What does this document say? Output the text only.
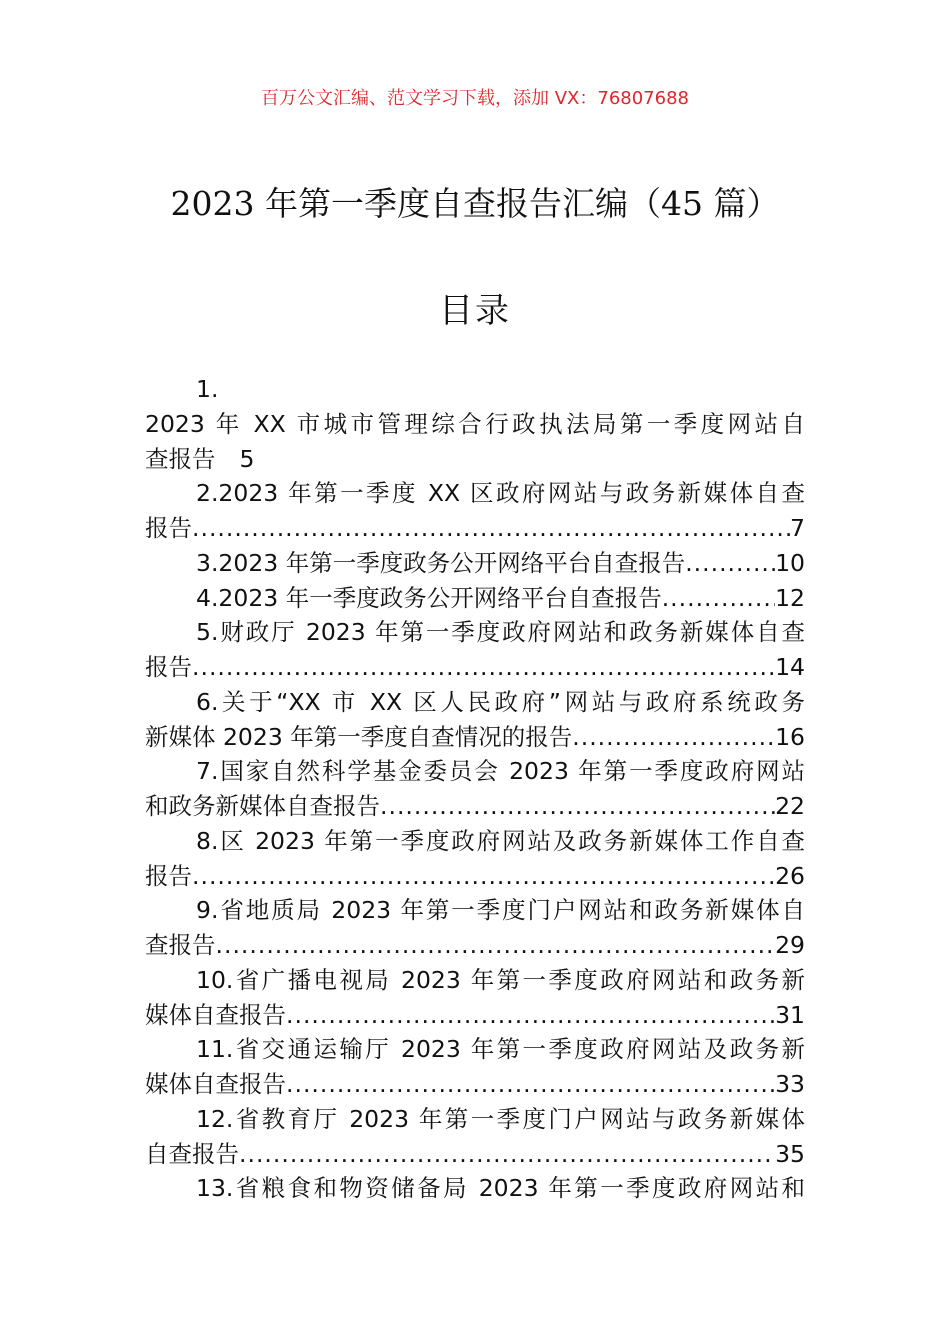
百万公文汇编、范文学习下载，添加 VX：76807688
2023 年第一季度自查报告汇编（45 篇）
目录
1.
2023 年 XX 市城市管理综合行政执法局第一季度网站自
查报告 5
2.2023 年第一季度 XX 区政府网站与政务新媒体自查
报告 .....	7
3.2023 年第一季度政务公开网络平台自查报告 .....	10
4.2023 年一季度政务公开网络平台自查报告 .....	12
5.财政厅 2023 年第一季度政府网站和政务新媒体自查
报告 .....	14
6.关于“XX 市 XX 区人民政府”网站与政府系统政务
新媒体 2023 年第一季度自查情况的报告 .....	16
7.国家自然科学基金委员会 2023 年第一季度政府网站
和政务新媒体自查报告 .....	22
8.区 2023 年第一季度政府网站及政务新媒体工作自查
报告 .....	26
9.省地质局 2023 年第一季度门户网站和政务新媒体自
查报告 .....	29
10.省广播电视局 2023 年第一季度政府网站和政务新
媒体自查报告 .....	31
11.省交通运输厅 2023 年第一季度政府网站及政务新
媒体自查报告 .....	33
12.省教育厅 2023 年第一季度门户网站与政务新媒体
自查报告 .....	35
13.省粮食和物资储备局 2023 年第一季度政府网站和
